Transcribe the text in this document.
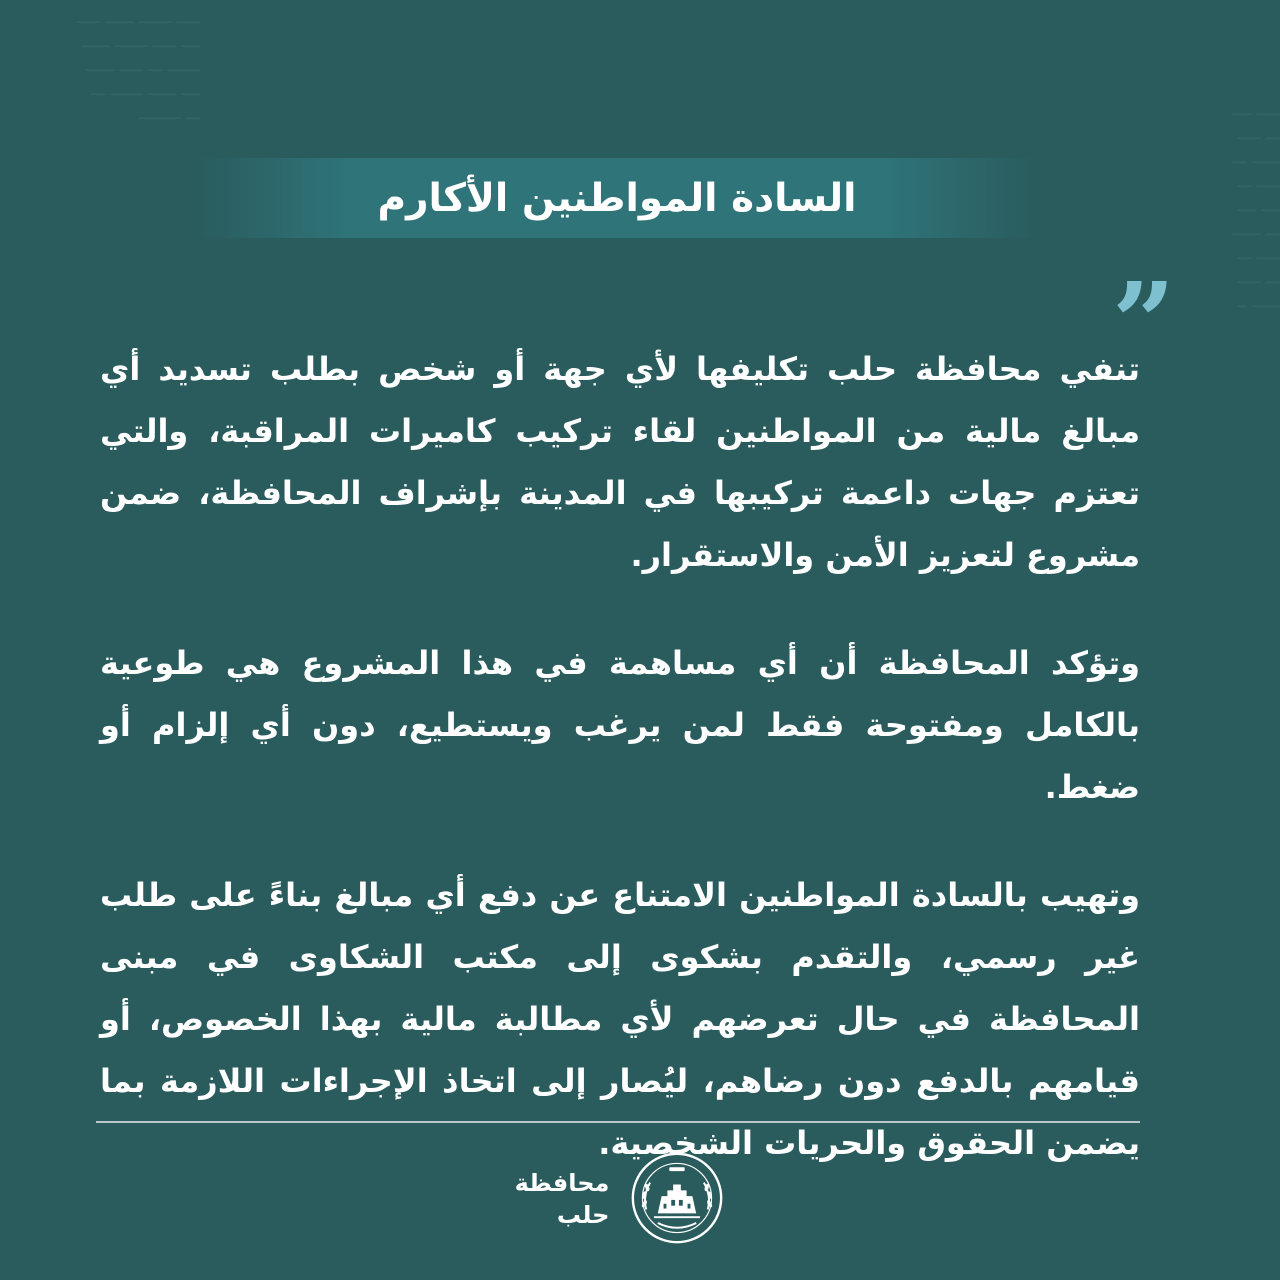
ـــــ ـــــــ ــــــ ـــــ
ــــ ـــــ ـــــــ ــــــ
ـــــــ ـــ ـــــ ــــــ
ــــ ــــــ ـــــــ ـــ
ـــ ـــــــــ	ـــــ ــــ
ـــ ـــــ
ــــــ ـــ
ـــــ ـــ
ــــ ــــ
ـــ ــــــ
ـــــ ـــ
ـــ ـــــ
ــــــ ــ
السادة المواطنين الأكارم
”

تنفي محافظة حلب تكليفها لأي جهة أو شخص بطلب تسديد أي مبالغ مالية من المواطنين لقاء تركيب كاميرات المراقبة، والتي تعتزم جهات داعمة تركيبها في المدينة بإشراف المحافظة، ضمن مشروع لتعزيز الأمن والاستقرار.

وتؤكد المحافظة أن أي مساهمة في هذا المشروع هي طوعية بالكامل ومفتوحة فقط لمن يرغب ويستطيع، دون أي إلزام أو ضغط.

وتهيب بالسادة المواطنين الامتناع عن دفع أي مبالغ بناءً على طلب غير رسمي، والتقدم بشكوى إلى مكتب الشكاوى في مبنى المحافظة في حال تعرضهم لأي مطالبة مالية بهذا الخصوص، أو قيامهم بالدفع دون رضاهم، ليُصار إلى اتخاذ الإجراءات اللازمة بما يضمن الحقوق والحريات الشخصية.

محافظة
حلب
